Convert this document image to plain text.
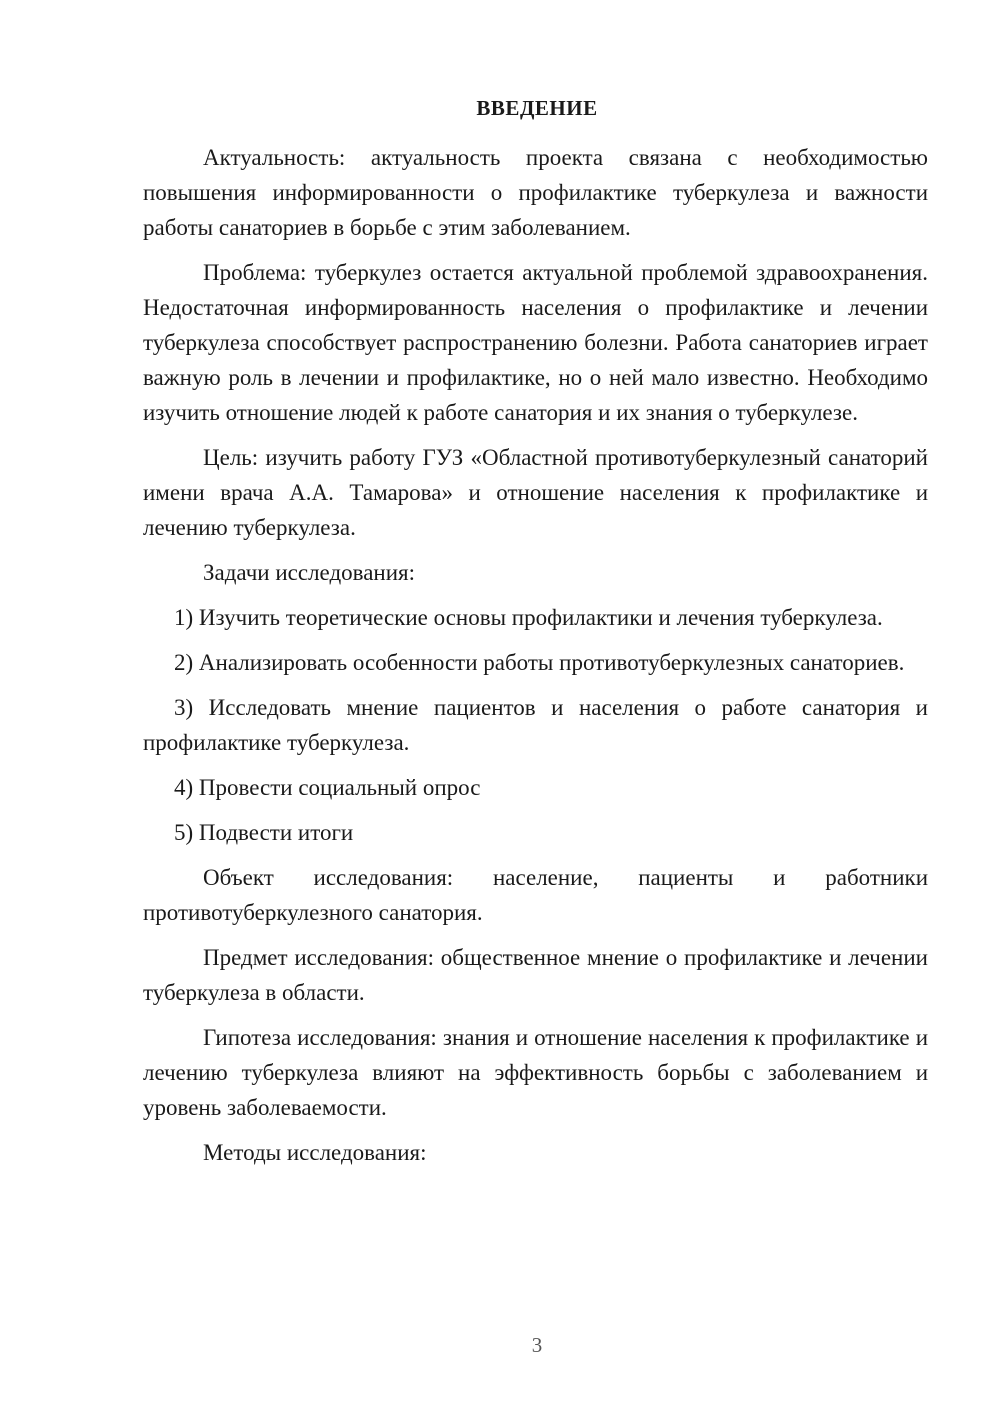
ВВЕДЕНИЕ

Актуальность: актуальность проекта связана с необходимостью повышения информированности о профилактике туберкулеза и важности работы санаториев в борьбе с этим заболеванием.

Проблема: туберкулез остается актуальной проблемой здравоохранения. Недостаточная информированность населения о профилактике и лечении туберкулеза способствует распространению болезни. Работа санаториев играет важную роль в лечении и профилактике, но о ней мало известно. Необходимо изучить отношение людей к работе санатория и их знания о туберкулезе.

Цель: изучить работу ГУЗ «Областной противотуберкулезный санаторий имени врача А.А. Тамарова» и отношение населения к профилактике и лечению туберкулеза.

Задачи исследования:

1) Изучить теоретические основы профилактики и лечения туберкулеза.

2) Анализировать особенности работы противотуберкулезных санаториев.

3) Исследовать мнение пациентов и населения о работе санатория и профилактике туберкулеза.

4) Провести социальный опрос

5) Подвести итоги

Объект исследования: население, пациенты и работники противотуберкулезного санатория.

Предмет исследования: общественное мнение о профилактике и лечении туберкулеза в области.

Гипотеза исследования: знания и отношение населения к профилактике и лечению туберкулеза влияют на эффективность борьбы с заболеванием и уровень заболеваемости.

Методы исследования:

3
